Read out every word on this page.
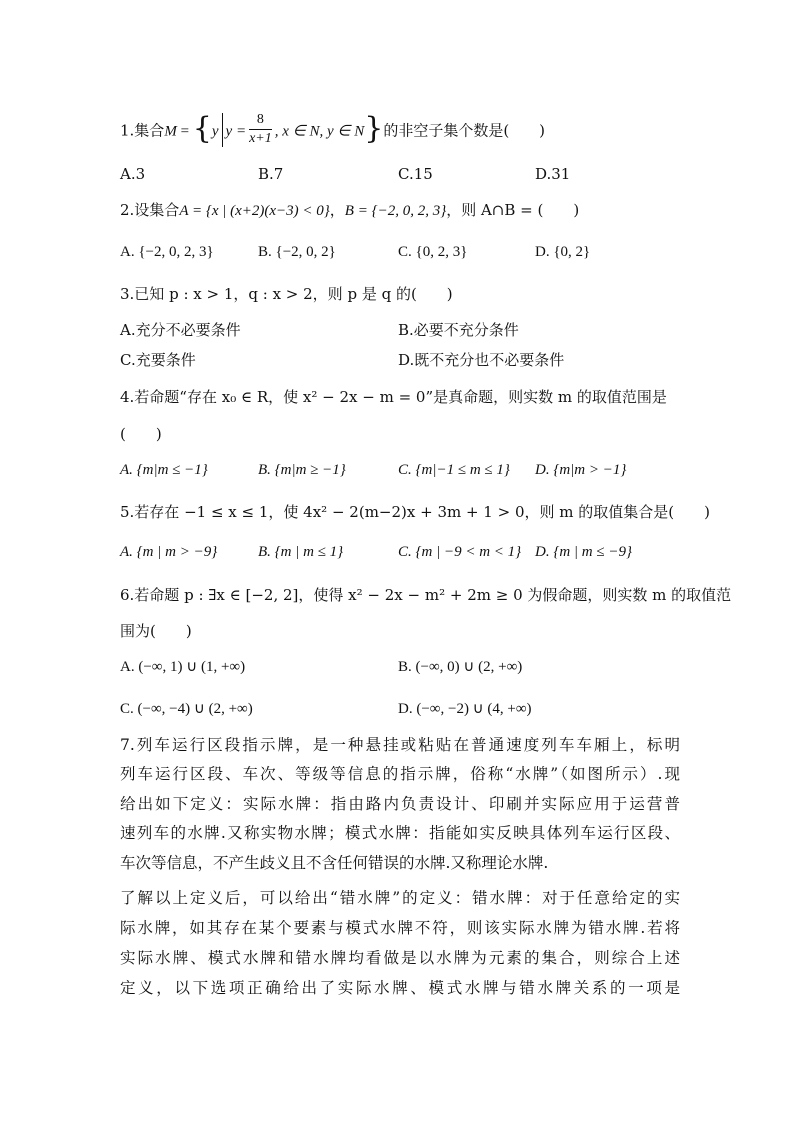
1.集合M = {y $y = \frac{8}{x+1}$ , x ∈ N, y ∈ N}的非空子集个数是(　　)
A.3	B.7	C.15	D.31
2.设集合A = {x | (x+2)(x−3) < 0}，B = {−2, 0, 2, 3}，则 A∩B = (　　)
A. {−2, 0, 2, 3}	B. {−2, 0, 2}	C. {0, 2, 3}	D. {0, 2}
3.已知 p : x > 1，q : x > 2，则 p 是 q 的(　　)
A.充分不必要条件	B.必要不充分条件
C.充要条件	D.既不充分也不必要条件
4.若命题“存在 x₀ ∈ R，使 x² − 2x − m = 0”是真命题，则实数 m 的取值范围是
(　　)
A. {m|m ≤ −1}	B. {m|m ≥ −1}	C. {m|−1 ≤ m ≤ 1} D. {m|m > −1}
5.若存在 −1 ≤ x ≤ 1，使 4x² − 2(m−2)x + 3m + 1 > 0，则 m 的取值集合是(　　)
A. {m | m > −9}	B. {m | m ≤ 1}	C. {m | −9 < m < 1} D. {m | m ≤ −9}
6.若命题 p : ∃x ∈ [−2, 2]，使得 x² − 2x − m² + 2m ≥ 0 为假命题，则实数 m 的取值范
围为(　　)
A. (−∞, 1) ∪ (1, +∞)	B. (−∞, 0) ∪ (2, +∞)
C. (−∞, −4) ∪ (2, +∞)	D. (−∞, −2) ∪ (4, +∞)
7.列车运行区段指示牌，是一种悬挂或粘贴在普通速度列车车厢上，标明
列车运行区段、车次、等级等信息的指示牌，俗称“水牌”（如图所示）.现
给出如下定义：实际水牌：指由路内负责设计、印刷并实际应用于运营普
速列车的水牌.又称实物水牌；模式水牌：指能如实反映具体列车运行区段、
车次等信息，不产生歧义且不含任何错误的水牌.又称理论水牌.
了解以上定义后，可以给出“错水牌”的定义：错水牌：对于任意给定的实
际水牌，如其存在某个要素与模式水牌不符，则该实际水牌为错水牌.若将
实际水牌、模式水牌和错水牌均看做是以水牌为元素的集合，则综合上述
定义，以下选项正确给出了实际水牌、模式水牌与错水牌关系的一项是
